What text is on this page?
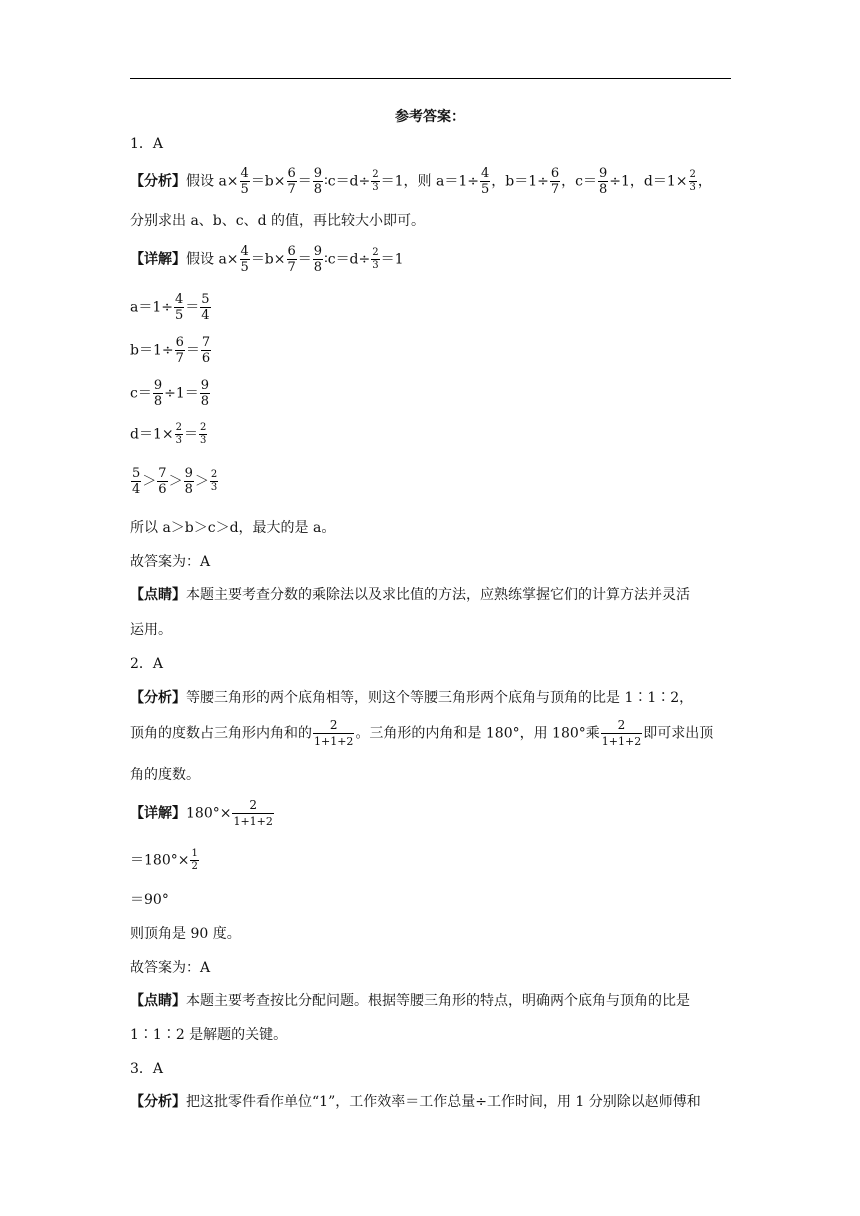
参考答案：
1．A
【分析】假设 $a\times \frac{4}{5} =b\times \frac{6}{7} = \frac{9}{8}$ ∶c＝d÷ $\frac{2}{3} =1$，则 $a=1\div \frac{4}{5}$ ，$b=1\div \frac{6}{7}$ ，$c= \frac{9}{8} \div 1$，$d=1\times \frac{2}{3}$ ，
分别求出 a、b、c、d 的值，再比较大小即可。
【详解】假设 $a\times \frac{4}{5} =b\times \frac{6}{7} = \frac{9}{8}$ ∶c＝d÷ $\frac{2}{3} =1$
$a=1\div \frac{4}{5} = \frac{5}{4}$
$b=1\div \frac{6}{7} = \frac{7}{6}$
$c= \frac{9}{8} \div 1= \frac{9}{8}$
$d=1\times \frac{2}{3} = \frac{2}{3}$
$\frac{5}{4} > \frac{7}{6} > \frac{9}{8} > \frac{2}{3}$
所以 a＞b＞c＞d，最大的是 a。
故答案为：A
【点睛】本题主要考查分数的乘除法以及求比值的方法，应熟练掌握它们的计算方法并灵活
运用。
2．A
【分析】等腰三角形的两个底角相等，则这个等腰三角形两个底角与顶角的比是 1∶1∶2，
顶角的度数占三角形内角和的 $\frac{2}{1+1+2}$ 。三角形的内角和是 180°，用 180°乘 $\frac{2}{1+1+2}$ 即可求出顶
角的度数。
【详解】$180^\circ\times \frac{2}{1+1+2}$
$=180^\circ\times \frac{1}{2}$
＝90°
则顶角是 90 度。
故答案为：A
【点睛】本题主要考查按比分配问题。根据等腰三角形的特点，明确两个底角与顶角的比是
1∶1∶2 是解题的关键。
3．A
【分析】把这批零件看作单位“1”，工作效率＝工作总量÷工作时间，用 1 分别除以赵师傅和
